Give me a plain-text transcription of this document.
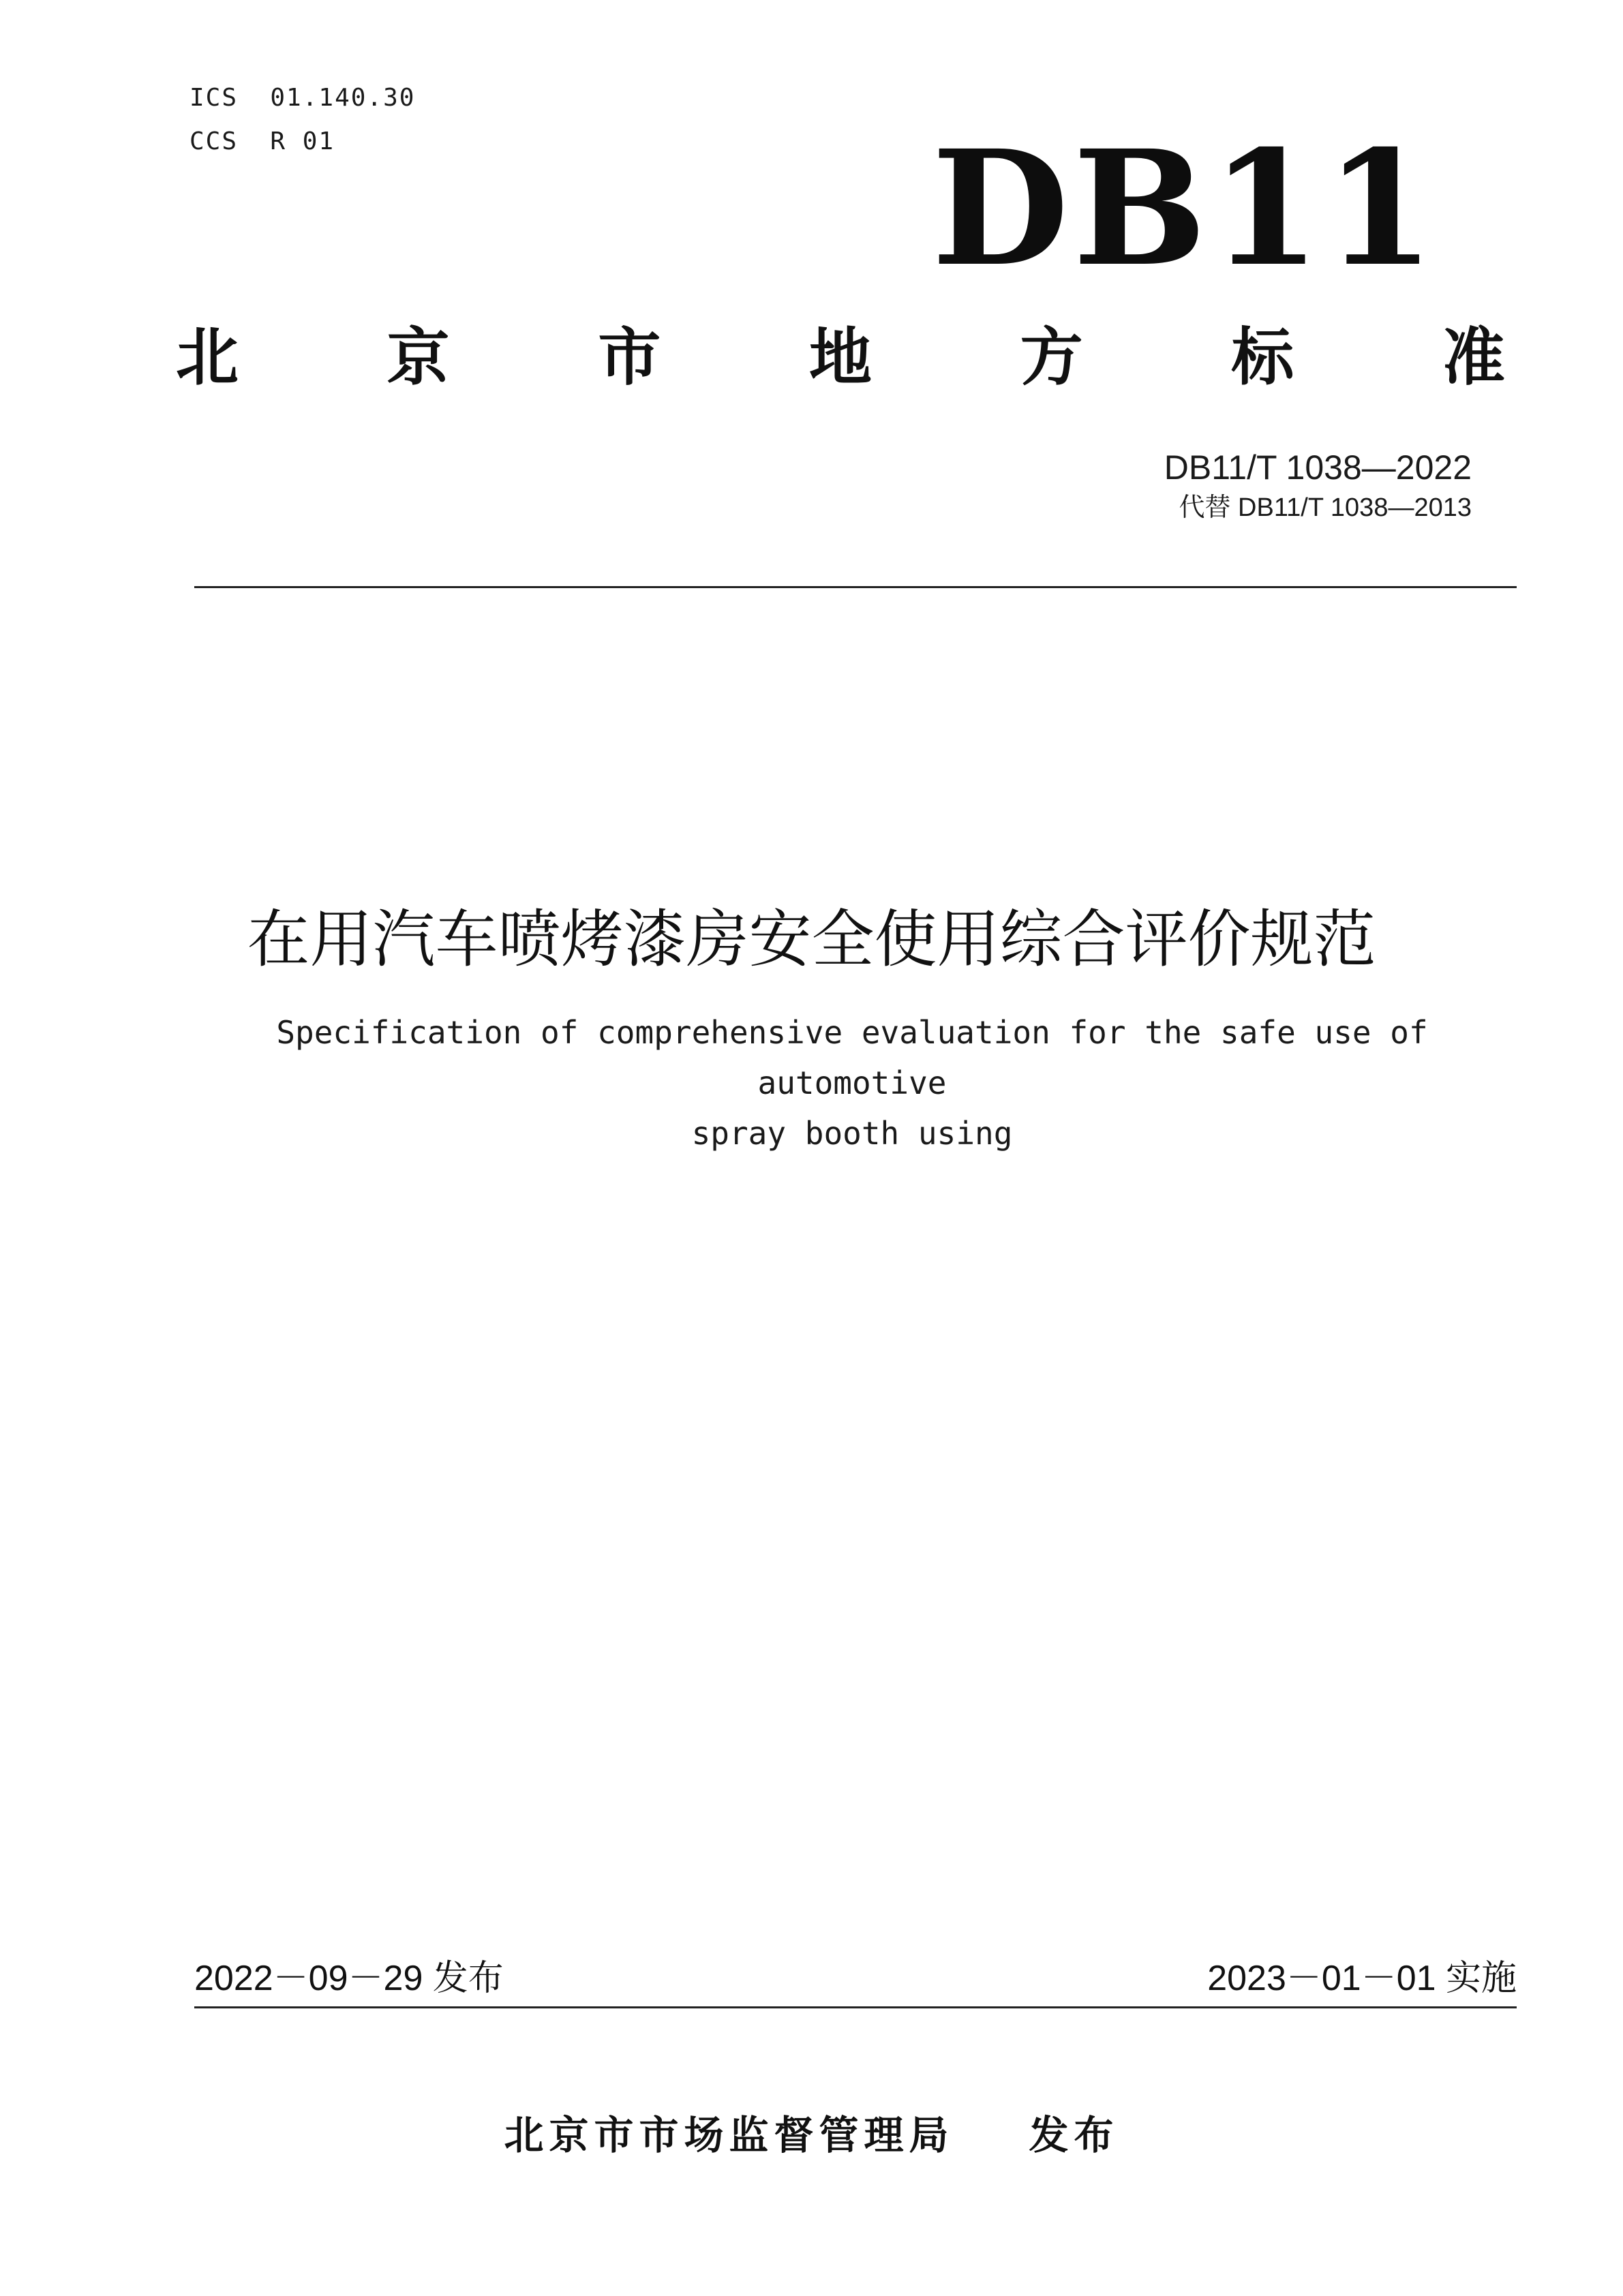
ICS  01.140.30
CCS  R 01	DB11
北 京 市 地 方 标 准
DB11/T 1038—2022
代替 DB11/T 1038—2013
在用汽车喷烤漆房安全使用综合评价规范
Specification of comprehensive evaluation for the safe use of automotive
spray booth using
2022－09－29 发布	2023－01－01 实施
北京市市场监督管理局 发布
